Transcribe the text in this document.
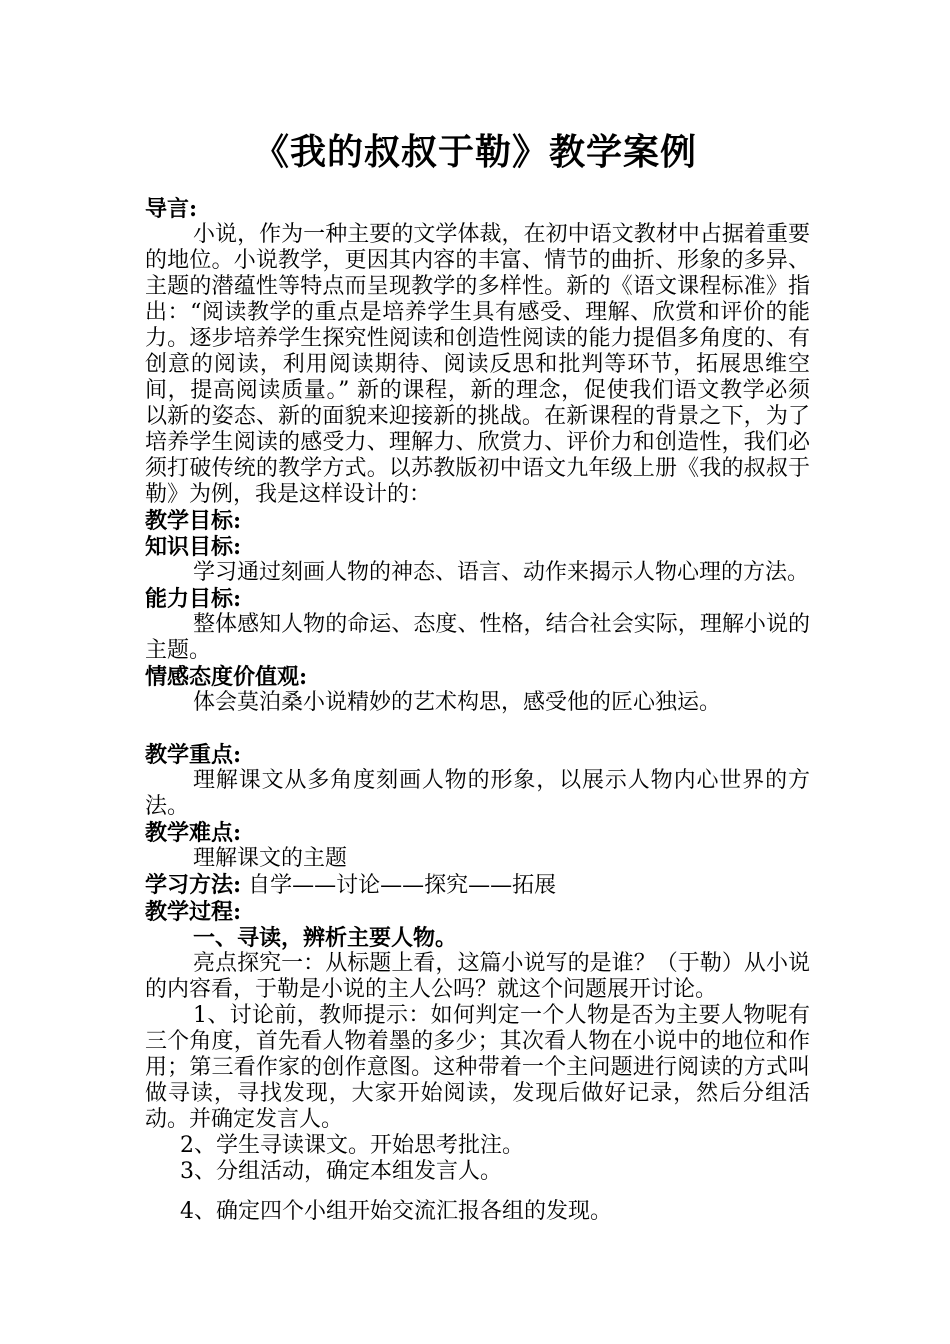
《我的叔叔于勒》教学案例

导言:

小说，作为一种主要的文学体裁，在初中语文教材中占据着重要的地位。小说教学，更因其内容的丰富、情节的曲折、形象的多异、主题的潜蕴性等特点而呈现教学的多样性。新的《语文课程标准》指出：“阅读教学的重点是培养学生具有感受、理解、欣赏和评价的能力。逐步培养学生探究性阅读和创造性阅读的能力提倡多角度的、有创意的阅读，利用阅读期待、阅读反思和批判等环节，拓展思维空间，提高阅读质量。” 新的课程，新的理念，促使我们语文教学必须以新的姿态、新的面貌来迎接新的挑战。在新课程的背景之下，为了培养学生阅读的感受力、理解力、欣赏力、评价力和创造性，我们必须打破传统的教学方式。以苏教版初中语文九年级上册《我的叔叔于勒》为例，我是这样设计的：

教学目标:

知识目标:

学习通过刻画人物的神态、语言、动作来揭示人物心理的方法。

能力目标:

整体感知人物的命运、态度、性格，结合社会实际，理解小说的主题。

情感态度价值观:

体会莫泊桑小说精妙的艺术构思，感受他的匠心独运。

教学重点:

理解课文从多角度刻画人物的形象，以展示人物内心世界的方法。

教学难点:

理解课文的主题

学习方法: 自学——讨论——探究——拓展

教学过程:

一、寻读，辨析主要人物。

亮点探究一：从标题上看，这篇小说写的是谁？（于勒）从小说的内容看，于勒是小说的主人公吗？就这个问题展开讨论。

1、讨论前，教师提示：如何判定一个人物是否为主要人物呢有三个角度，首先看人物着墨的多少；其次看人物在小说中的地位和作用；第三看作家的创作意图。这种带着一个主问题进行阅读的方式叫做寻读，寻找发现，大家开始阅读，发现后做好记录，然后分组活动。并确定发言人。

2、学生寻读课文。开始思考批注。

3、分组活动，确定本组发言人。

4、确定四个小组开始交流汇报各组的发现。
